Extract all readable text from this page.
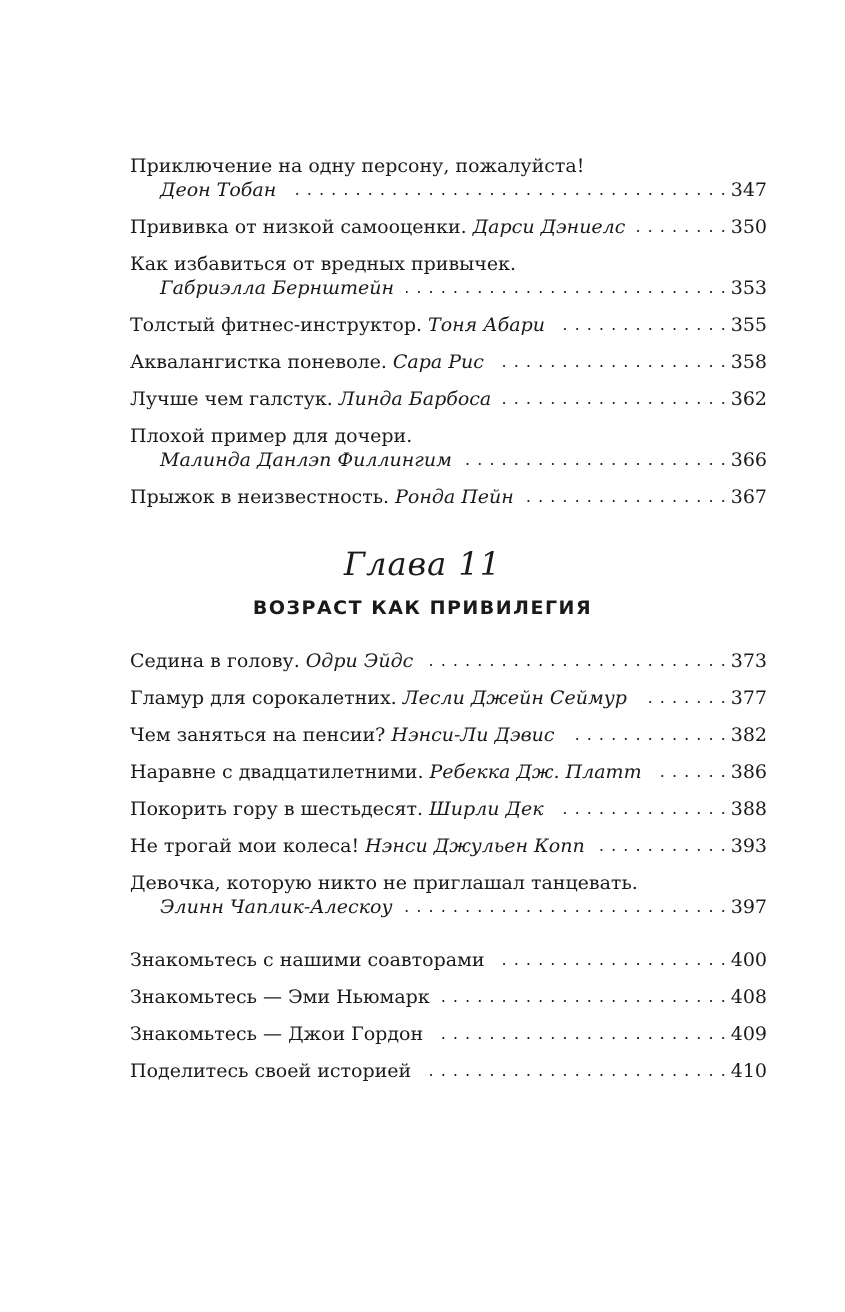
Приключение на одну персону, пожалуйста!
Деон Тобан . . .	347
Прививка от низкой самооценки. Дарси Дэниелс . . .	350
Как избавиться от вредных привычек.
Габриэлла Бернштейн . . .	353
Толстый фитнес-инструктор. Тоня Абари . . .	355
Аквалангистка поневоле. Сара Рис . . .	358
Лучше чем галстук. Линда Барбоса . . .	362
Плохой пример для дочери.
Малинда Данлэп Филлингим . . .	366
Прыжок в неизвестность. Ронда Пейн . . .	367
Глава 11
ВОЗРАСТ КАК ПРИВИЛЕГИЯ
Седина в голову. Одри Эйдс . . .	373
Гламур для сорокалетних. Лесли Джейн Сеймур . . .	377
Чем заняться на пенсии? Нэнси-Ли Дэвис . . .	382
Наравне с двадцатилетними. Ребекка Дж. Платт . . .	386
Покорить гору в шестьдесят. Ширли Дек . . .	388
Не трогай мои колеса! Нэнси Джульен Копп . . .	393
Девочка, которую никто не приглашал танцевать.
Элинн Чаплик-Алескоу . . .	397
Знакомьтесь с нашими соавторами . . .	400
Знакомьтесь — Эми Ньюмарк . . .	408
Знакомьтесь — Джои Гордон . . .	409
Поделитесь своей историей . . .	410
